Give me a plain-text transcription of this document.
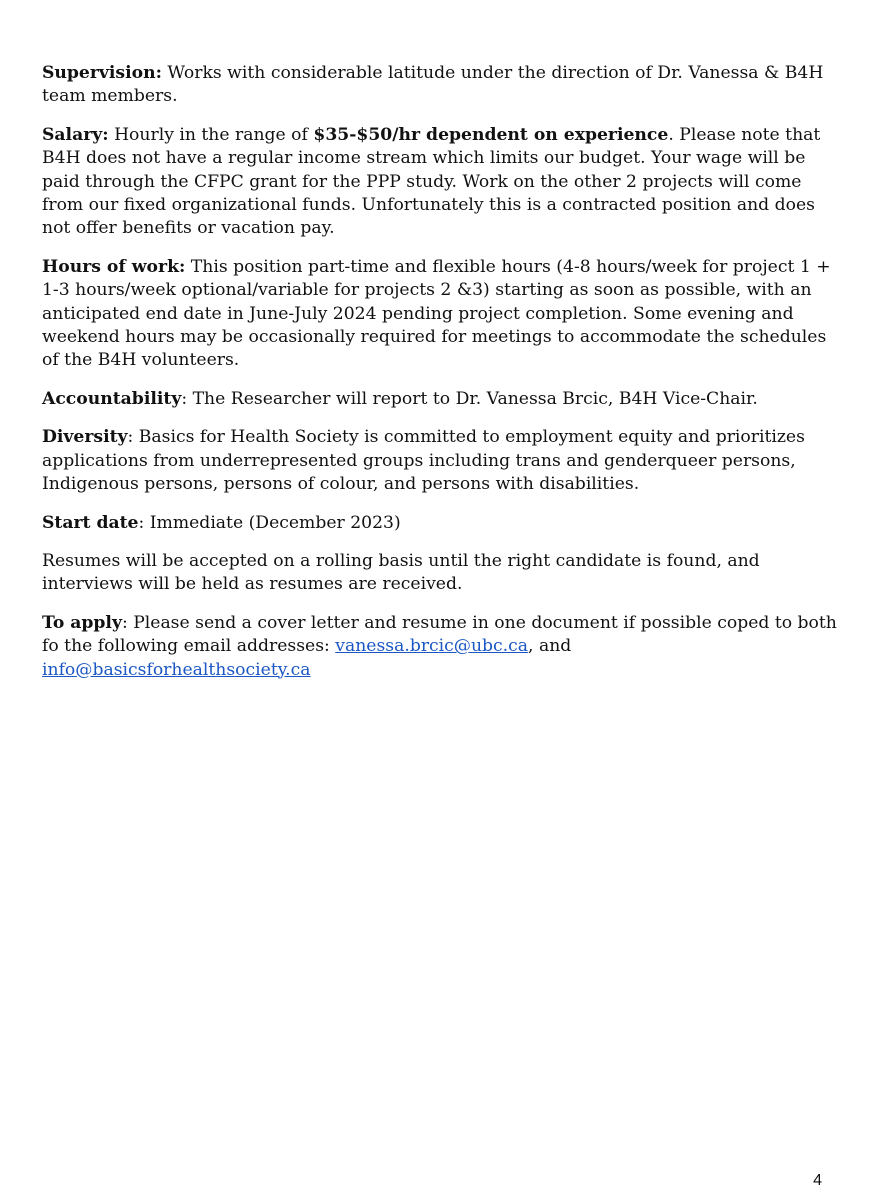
Supervision: Works with considerable latitude under the direction of Dr. Vanessa & B4H team members.

Salary: Hourly in the range of $35-$50/hr dependent on experience. Please note that B4H does not have a regular income stream which limits our budget. Your wage will be paid through the CFPC grant for the PPP study. Work on the other 2 projects will come from our fixed organizational funds. Unfortunately this is a contracted position and does not offer benefits or vacation pay.

Hours of work: This position part-time and flexible hours (4-8 hours/week for project 1 + 1-3 hours/week optional/variable for projects 2 &3) starting as soon as possible, with an anticipated end date in June-July 2024 pending project completion. Some evening and weekend hours may be occasionally required for meetings to accommodate the schedules of the B4H volunteers.

Accountability: The Researcher will report to Dr. Vanessa Brcic, B4H Vice-Chair.

Diversity: Basics for Health Society is committed to employment equity and prioritizes applications from underrepresented groups including trans and genderqueer persons, Indigenous persons, persons of colour, and persons with disabilities.

Start date: Immediate (December 2023)

Resumes will be accepted on a rolling basis until the right candidate is found, and interviews will be held as resumes are received.

To apply: Please send a cover letter and resume in one document if possible coped to both fo the following email addresses: vanessa.brcic@ubc.ca, and info@basicsforhealthsociety.ca

4
